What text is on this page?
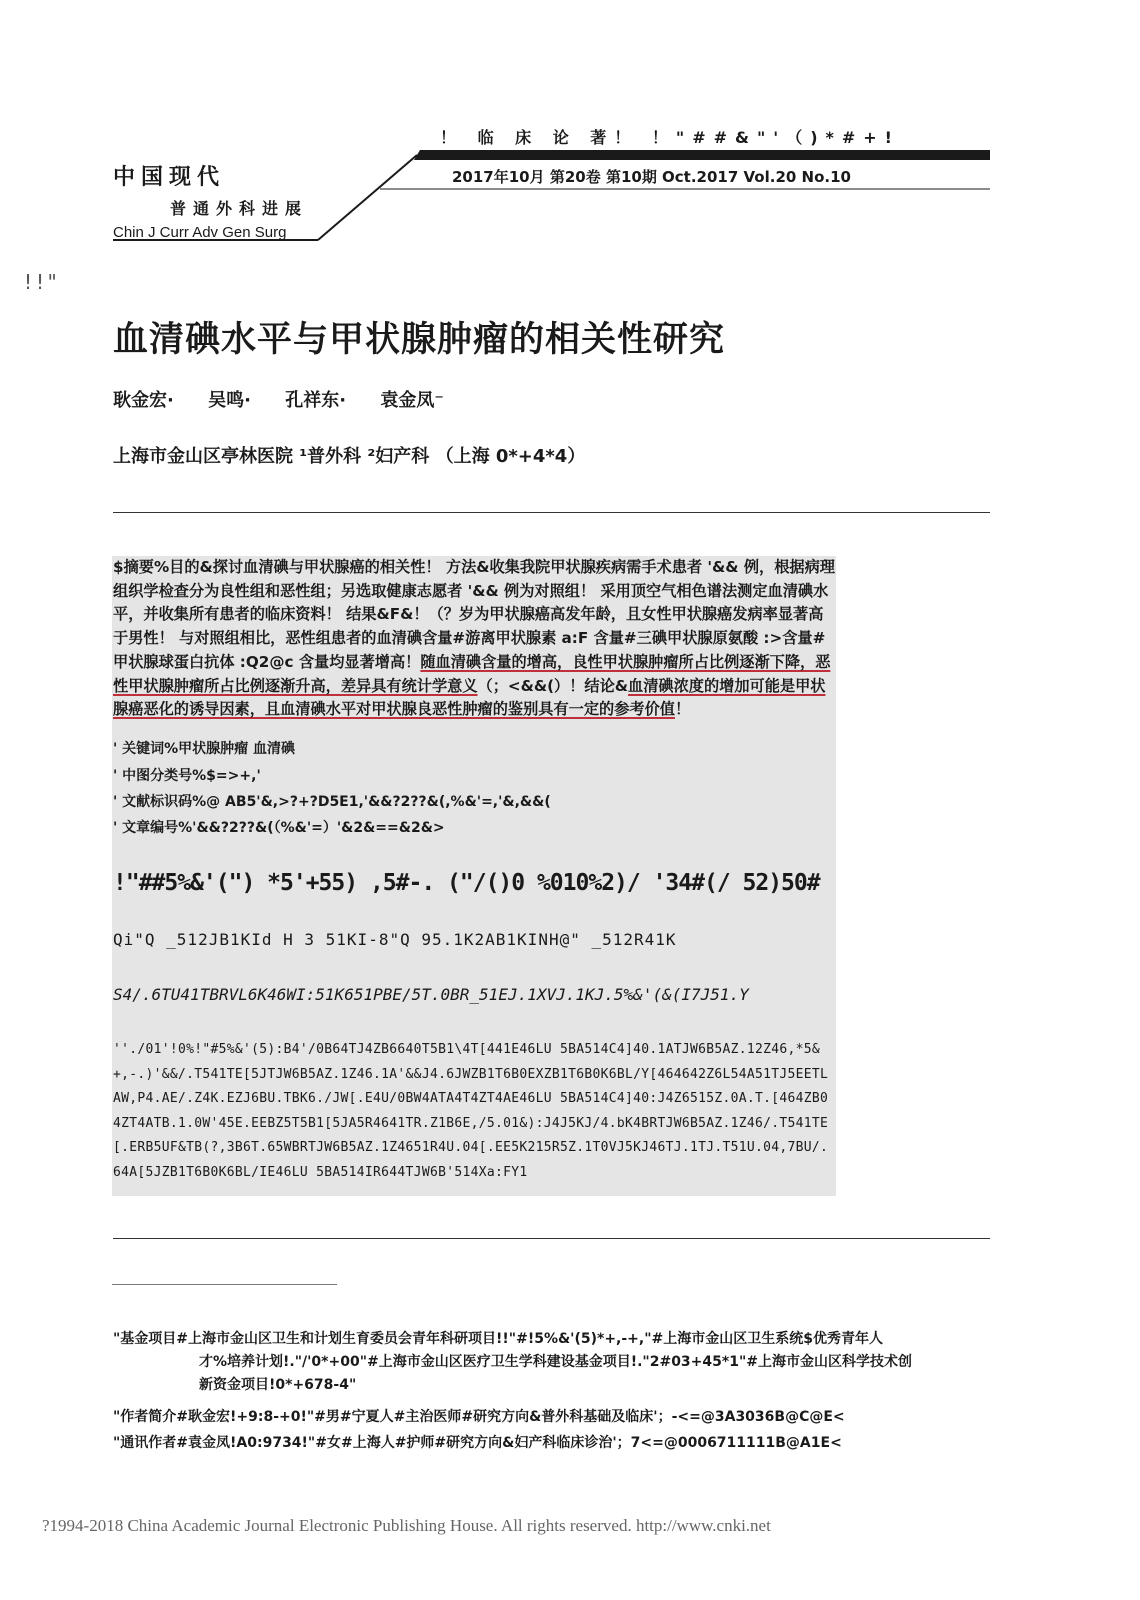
！ 临 床 论 著！ ！"##&"'（)*#+!
中国现代
普通外科进展
Chin J Curr Adv Gen Surg
2017年10月 第20卷 第10期 Oct.2017 Vol.20 No.10
!!"
血清碘水平与甲状腺肿瘤的相关性研究
耿金宏· 吴鸣· 孔祥东· 袁金凤⁻
上海市金山区亭林医院 ¹普外科 ²妇产科 （上海 0*+4*4）
$摘要%目的&探讨血清碘与甲状腺癌的相关性！ 方法&收集我院甲状腺疾病需手术患者 '&& 例，根据病理组织学检查分为良性组和恶性组；另选取健康志愿者 '&& 例为对照组！ 采用顶空气相色谱法测定血清碘水平，并收集所有患者的临床资料！ 结果&F&！（？岁为甲状腺癌高发年龄，且女性甲状腺癌发病率显著高于男性！ 与对照组相比，恶性组患者的血清碘含量#游离甲状腺素 a:F 含量#三碘甲状腺原氨酸 :>含量#甲状腺球蛋白抗体 :Q2@c 含量均显著增高！随血清碘含量的增高，良性甲状腺肿瘤所占比例逐渐下降，恶性甲状腺肿瘤所占比例逐渐升高，差异具有统计学意义（；<&&(）！结论&血清碘浓度的增加可能是甲状腺癌恶化的诱导因素，且血清碘水平对甲状腺良恶性肿瘤的鉴别具有一定的参考价值！
' 关键词%甲状腺肿瘤 血清碘
' 中图分类号%$=>+,'
' 文献标识码%@ AB5'&,>?+?D5E1,'&&?2??&(,%&'=,'&,&&(
' 文章编号%'&&?2??&(（%&'=）'&2&==&2&>
!"##5%&'(") *5'+55) ,5#-. ("/()0 %010%2)/ '34#(/ 52)50#
Qi"Q _512JB1KId H 3 51KI-8"Q 95.1K2AB1KINH@" _512R41K
S4/.6TU41TBRVL6K46WI:51K651PBE/5T.0BR_51EJ.1XVJ.1KJ.5%&'(&(I7J51.Y
''./01'!0%!"#5%&'(5):B4'/0B64TJ4ZB6640T5B1\4T[441E46LU 5BA514C4]40.1ATJW6B5AZ.12Z46,*5&+,-.)'&&/.T541TE[5JTJW6B5AZ.1Z46.1A'&&J4.6JWZB1T6B0EXZB1T6B0K6BL/Y[464642Z6L54A51TJ5EETLAW,P4.AE/.Z4K.EZJ6BU.TBK6./JW[.E4U/0BW4ATA4T4ZT4AE46LU 5BA514C4]40:J4Z6515Z.0A.T.[464ZB04ZT4ATB.1.0W'45E.EEBZ5T5B1[5JA5R4641TR.Z1B6E,/5.01&):J4J5KJ/4.bK4BRTJW6B5AZ.1Z46/.T541TE[.ERB5UF&TB(?,3B6T.65WBRTJW6B5AZ.1Z4651R4U.04[.EE5K215R5Z.1T0VJ5KJ46TJ.1TJ.T51U.04,7BU/.64A[5JZB1T6B0K6BL/IE46LU 5BA514IR644TJW6B'514Xa:FY1
"基金项目#上海市金山区卫生和计划生育委员会青年科研项目!!"#!5%&'(5)*+,-+,"#上海市金山区卫生系统$优秀青年人
才%培养计划!."/'0*+00"#上海市金山区医疗卫生学科建设基金项目!."2#03+45*1"#上海市金山区科学技术创
新资金项目!0*+678-4"
"作者简介#耿金宏!+9:8-+0!"#男#宁夏人#主治医师#研究方向&普外科基础及临床'；-<=@3A3036B@C@E<
"通讯作者#袁金凤!A0:9734!"#女#上海人#护师#研究方向&妇产科临床诊治'；7<=@0006711111B@A1E<
?1994-2018 China Academic Journal Electronic Publishing House. All rights reserved. http://www.cnki.net
